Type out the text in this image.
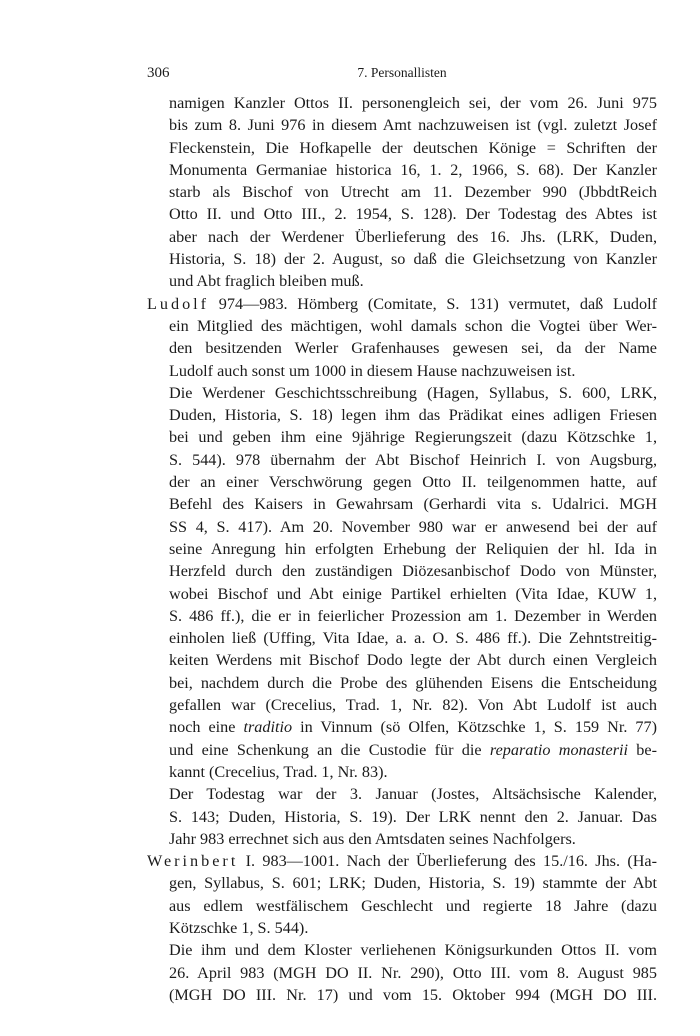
306	7. Personallisten
namigen Kanzler Ottos II. personengleich sei, der vom 26. Juni 975
bis zum 8. Juni 976 in diesem Amt nachzuweisen ist (vgl. zuletzt Josef
Fleckenstein, Die Hofkapelle der deutschen Könige = Schriften der
Monumenta Germaniae historica 16, 1. 2, 1966, S. 68). Der Kanzler
starb als Bischof von Utrecht am 11. Dezember 990 (JbbdtReich
Otto II. und Otto III., 2. 1954, S. 128). Der Todestag des Abtes ist
aber nach der Werdener Überlieferung des 16. Jhs. (LRK, Duden,
Historia, S. 18) der 2. August, so daß die Gleichsetzung von Kanzler
und Abt fraglich bleiben muß.
Ludolf 974—983. Hömberg (Comitate, S. 131) vermutet, daß Ludolf
ein Mitglied des mächtigen, wohl damals schon die Vogtei über Wer-
den besitzenden Werler Grafenhauses gewesen sei, da der Name
Ludolf auch sonst um 1000 in diesem Hause nachzuweisen ist.
Die Werdener Geschichtsschreibung (Hagen, Syllabus, S. 600, LRK,
Duden, Historia, S. 18) legen ihm das Prädikat eines adligen Friesen
bei und geben ihm eine 9jährige Regierungszeit (dazu Kötzschke 1,
S. 544). 978 übernahm der Abt Bischof Heinrich I. von Augsburg,
der an einer Verschwörung gegen Otto II. teilgenommen hatte, auf
Befehl des Kaisers in Gewahrsam (Gerhardi vita s. Udalrici. MGH
SS 4, S. 417). Am 20. November 980 war er anwesend bei der auf
seine Anregung hin erfolgten Erhebung der Reliquien der hl. Ida in
Herzfeld durch den zuständigen Diözesanbischof Dodo von Münster,
wobei Bischof und Abt einige Partikel erhielten (Vita Idae, KUW 1,
S. 486 ff.), die er in feierlicher Prozession am 1. Dezember in Werden
einholen ließ (Uffing, Vita Idae, a. a. O. S. 486 ff.). Die Zehntstreitig-
keiten Werdens mit Bischof Dodo legte der Abt durch einen Vergleich
bei, nachdem durch die Probe des glühenden Eisens die Entscheidung
gefallen war (Crecelius, Trad. 1, Nr. 82). Von Abt Ludolf ist auch
noch eine traditio in Vinnum (sö Olfen, Kötzschke 1, S. 159 Nr. 77)
und eine Schenkung an die Custodie für die reparatio monasterii be-
kannt (Crecelius, Trad. 1, Nr. 83).
Der Todestag war der 3. Januar (Jostes, Altsächsische Kalender,
S. 143; Duden, Historia, S. 19). Der LRK nennt den 2. Januar. Das
Jahr 983 errechnet sich aus den Amtsdaten seines Nachfolgers.
Werinbert I. 983—1001. Nach der Überlieferung des 15./16. Jhs. (Ha-
gen, Syllabus, S. 601; LRK; Duden, Historia, S. 19) stammte der Abt
aus edlem westfälischem Geschlecht und regierte 18 Jahre (dazu
Kötzschke 1, S. 544).
Die ihm und dem Kloster verliehenen Königsurkunden Ottos II. vom
26. April 983 (MGH DO II. Nr. 290), Otto III. vom 8. August 985
(MGH DO III. Nr. 17) und vom 15. Oktober 994 (MGH DO III.
